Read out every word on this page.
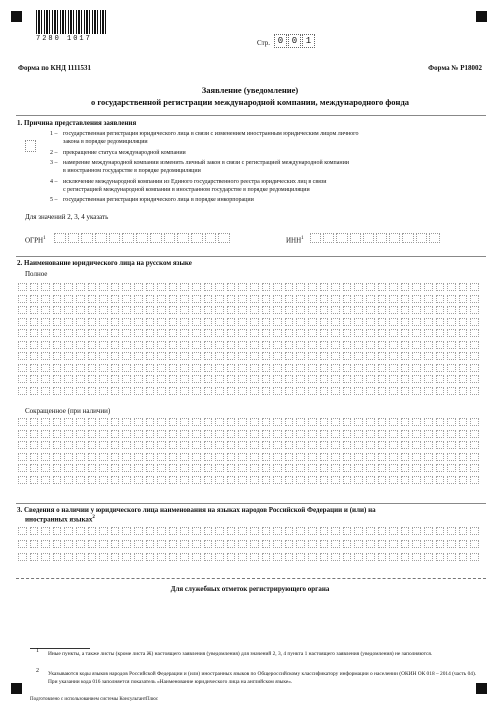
7280 1017	Стр. 0 0 1
Форма по КНД 1111531	Форма № Р18002
Заявление (уведомление)
о государственной регистрации международной компании, международного фонда
1. Причина представления заявления
1 – государственная регистрация юридического лица в связи с изменением иностранным юридическим лицом личного
закона в порядке редомициляции
2 – прекращение статуса международной компании
3 – намерение международной компании изменить личный закон в связи с регистрацией международной компании
в иностранном государстве в порядке редомициляции
4 – исключение международной компании из Единого государственного реестра юридических лиц в связи
с регистрацией международной компании в иностранном государстве в порядке редомициляции
5 – государственная регистрация юридического лица в порядке инкорпорации
Для значений 2, 3, 4 указать
ОГРН$^1$	ИНН$^1$
2. Наименование юридического лица на русском языке
Полное
Сокращенное (при наличии)
3. Сведения о наличии у юридического лица наименования на языках народов Российской Федерации и (или) на
иностранных языках$^2$
Для служебных отметок регистрирующего органа
1 Иные пункты, а также листы (кроме листа Ж) настоящего заявления (уведомления) для значений 2, 3, 4 пункта 1 настоящего заявления (уведомления) не заполняются.
2 Указываются коды языков народов Российской Федерации и (или) иностранных языков по Общероссийскому классификатору информации о населении (ОКИН ОК 018 – 2014 (часть 04). При указании кода 016 заполняется показатель «Наименование юридического лица на английском языке».
Подготовлено с использованием системы КонсультантПлюс
